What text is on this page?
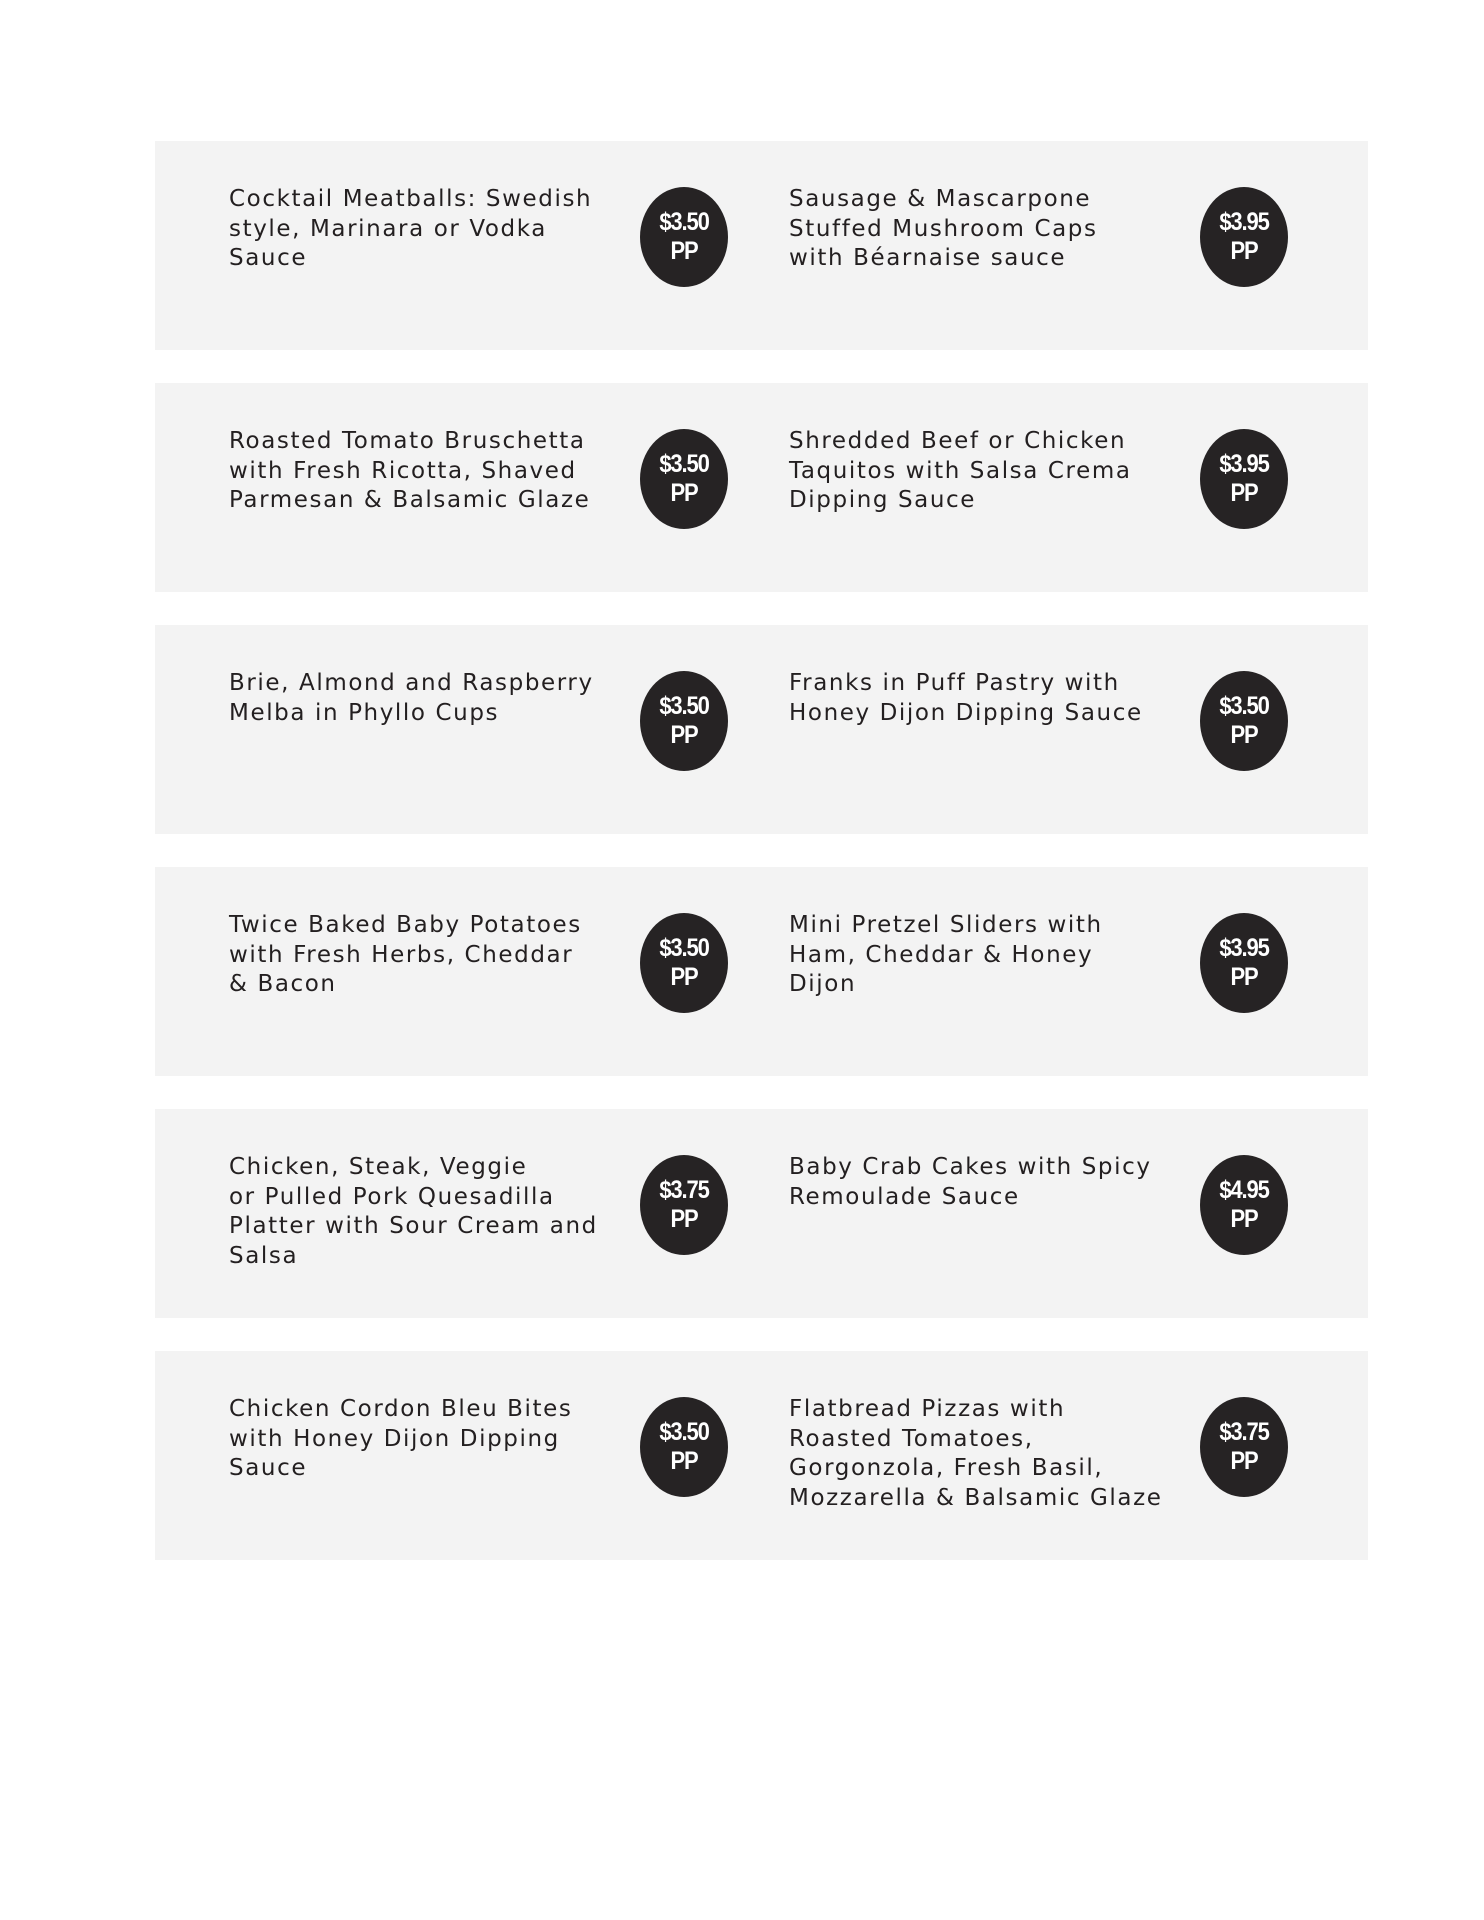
Cocktail Meatballs: Swedish
style, Marinara or Vodka
Sauce
$3.50
PP
Sausage & Mascarpone
Stuffed Mushroom Caps
with Béarnaise sauce
$3.95
PP
Roasted Tomato Bruschetta
with Fresh Ricotta, Shaved
Parmesan & Balsamic Glaze
$3.50
PP
Shredded Beef or Chicken
Taquitos with Salsa Crema
Dipping Sauce
$3.95
PP
Brie, Almond and Raspberry
Melba in Phyllo Cups	$3.50
PP
Franks in Puff Pastry with
Honey Dijon Dipping Sauce	$3.50
PP
Twice Baked Baby Potatoes
with Fresh Herbs, Cheddar
& Bacon
$3.50
PP
Mini Pretzel Sliders with
Ham, Cheddar & Honey Dijon
$3.95
PP
Chicken, Steak, Veggie
or Pulled Pork Quesadilla
Platter with Sour Cream and
Salsa
$3.75
PP
Baby Crab Cakes with Spicy
Remoulade Sauce	$4.95
PP
Chicken Cordon Bleu Bites
with Honey Dijon Dipping
Sauce
$3.50
PP
Flatbread Pizzas with
Roasted Tomatoes,
Gorgonzola, Fresh Basil,
Mozzarella & Balsamic Glaze
$3.75
PP
